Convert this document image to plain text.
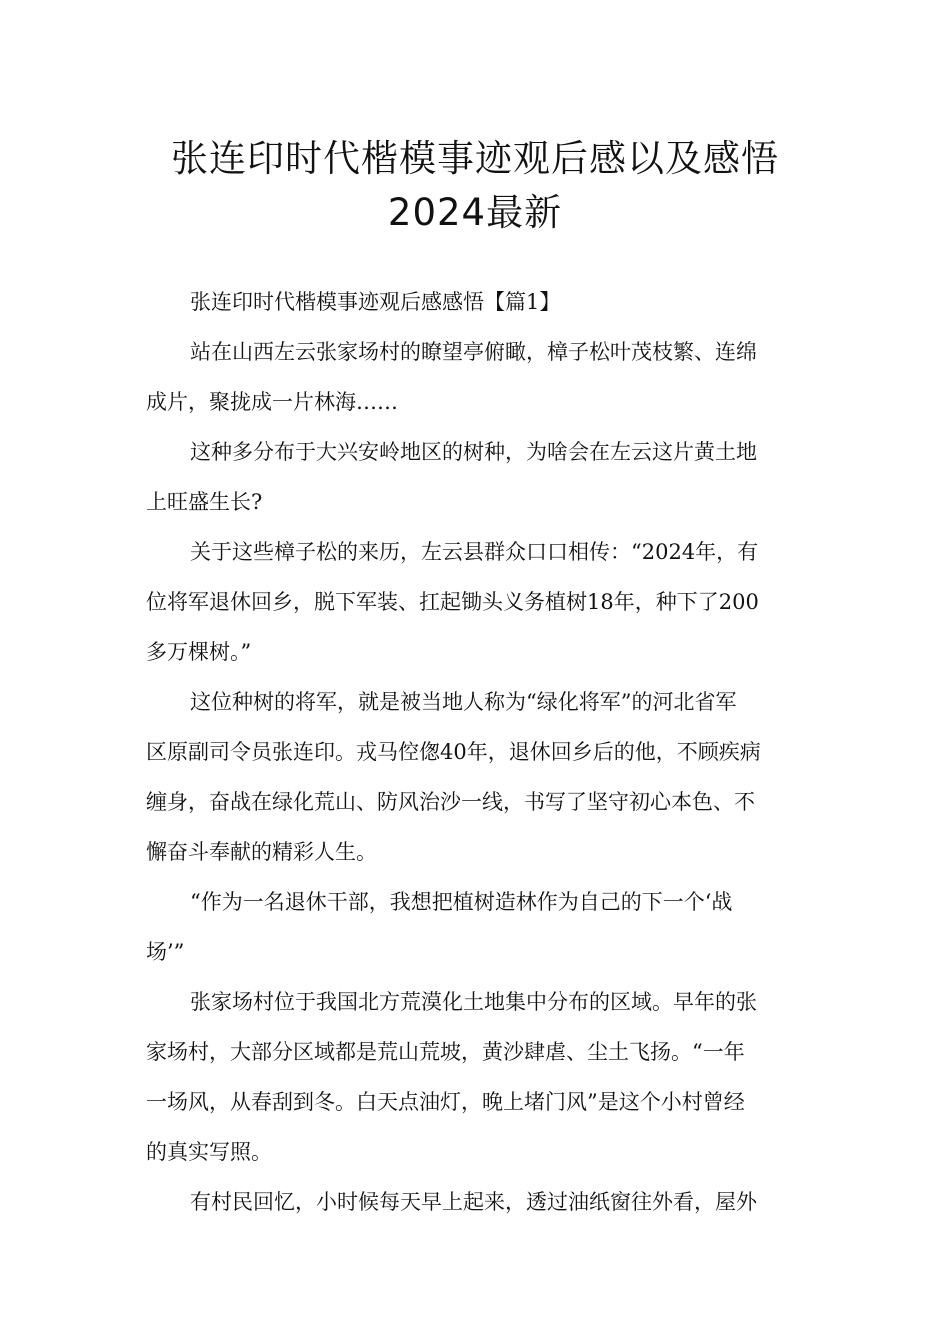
张连印时代楷模事迹观后感以及感悟
2024最新

张连印时代楷模事迹观后感感悟【篇1】

站在山西左云张家场村的瞭望亭俯瞰，樟子松叶茂枝繁、连绵

成片，聚拢成一片林海……

这种多分布于大兴安岭地区的树种，为啥会在左云这片黄土地

上旺盛生长?

关于这些樟子松的来历，左云县群众口口相传：“2024年，有

位将军退休回乡，脱下军装、扛起锄头义务植树18年，种下了200

多万棵树。”

这位种树的将军，就是被当地人称为“绿化将军”的河北省军

区原副司令员张连印。戎马倥偬40年，退休回乡后的他，不顾疾病

缠身，奋战在绿化荒山、防风治沙一线，书写了坚守初心本色、不

懈奋斗奉献的精彩人生。

“作为一名退休干部，我想把植树造林作为自己的下一个‘战

场’”

张家场村位于我国北方荒漠化土地集中分布的区域。早年的张

家场村，大部分区域都是荒山荒坡，黄沙肆虐、尘土飞扬。“一年

一场风，从春刮到冬。白天点油灯，晚上堵门风”是这个小村曾经

的真实写照。

有村民回忆，小时候每天早上起来，透过油纸窗往外看，屋外
